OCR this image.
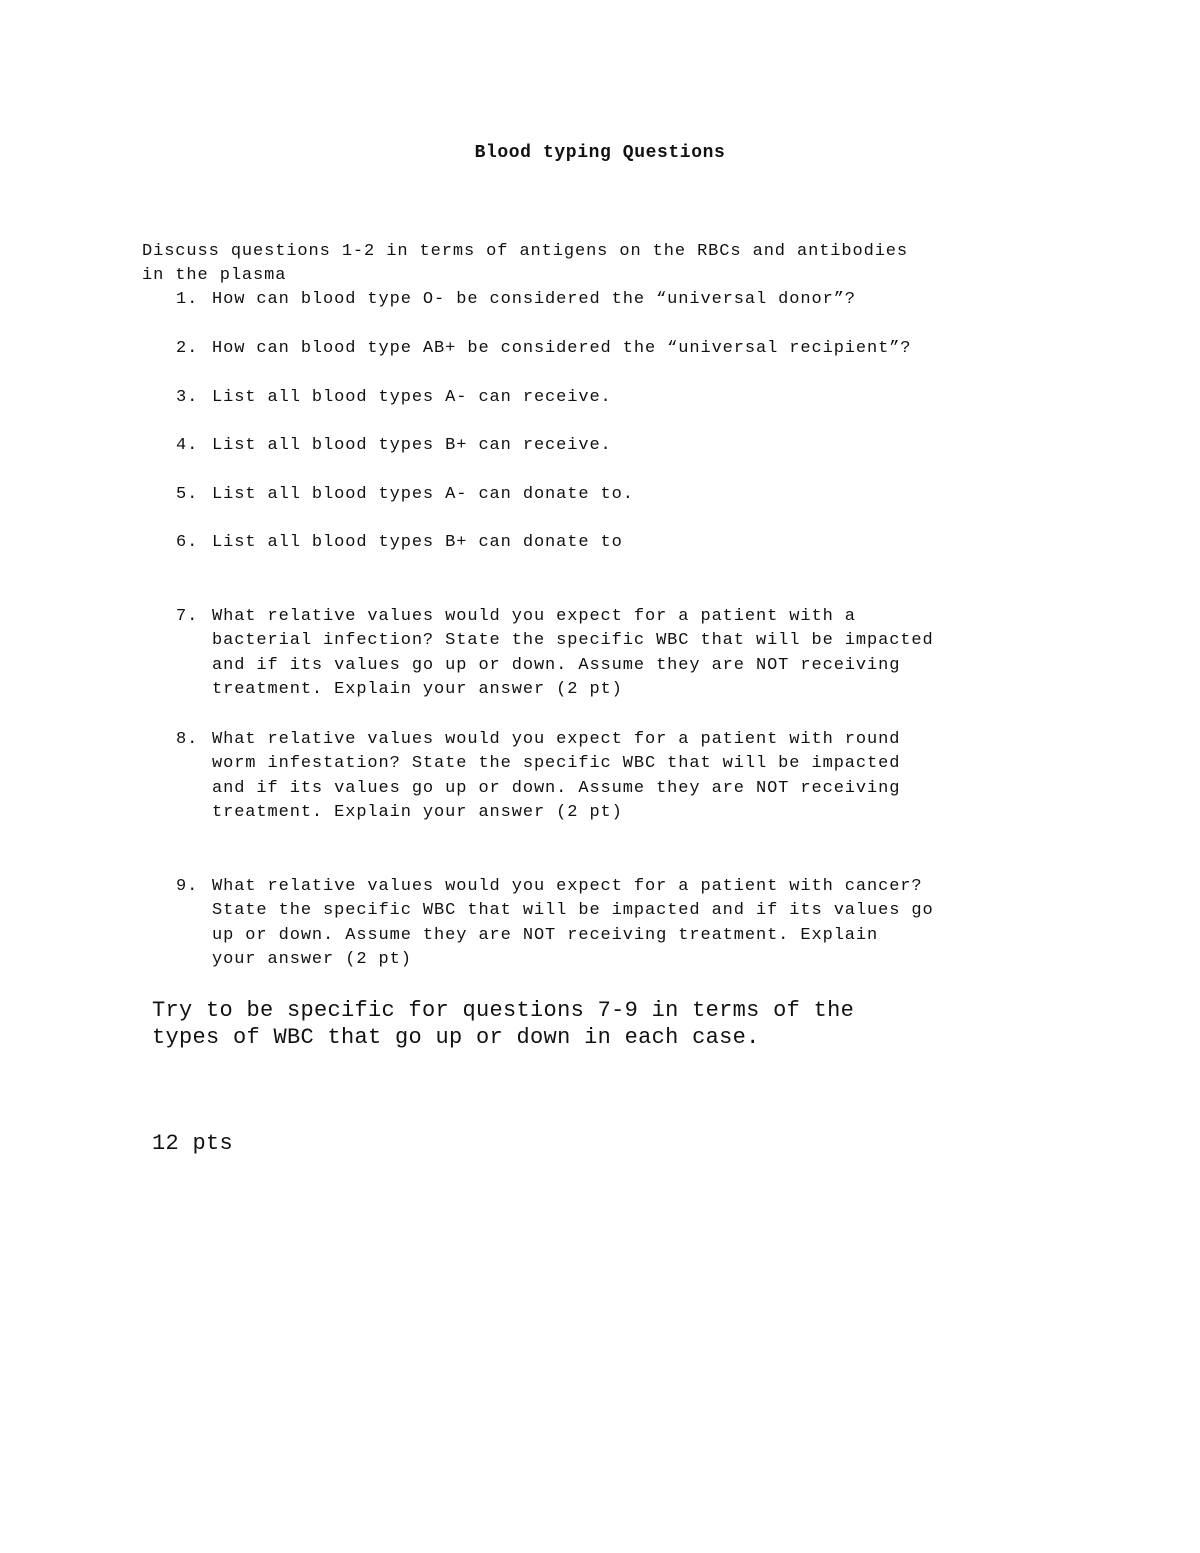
Blood typing Questions
Discuss questions 1-2 in terms of antigens on the RBCs and antibodies
in the plasma
1. How can blood type O- be considered the “universal donor”?
2. How can blood type AB+ be considered the “universal recipient”?
3. List all blood types A- can receive.
4. List all blood types B+ can receive.
5. List all blood types A- can donate to.
6. List all blood types B+ can donate to
7. What relative values would you expect for a patient with a
bacterial infection? State the specific WBC that will be impacted
and if its values go up or down. Assume they are NOT receiving
treatment. Explain your answer (2 pt)
8. What relative values would you expect for a patient with round
worm infestation? State the specific WBC that will be impacted
and if its values go up or down. Assume they are NOT receiving
treatment. Explain your answer (2 pt)
9. What relative values would you expect for a patient with cancer?
State the specific WBC that will be impacted and if its values go
up or down. Assume they are NOT receiving treatment. Explain
your answer (2 pt)
Try to be specific for questions 7-9 in terms of the
types of WBC that go up or down in each case.
12 pts
